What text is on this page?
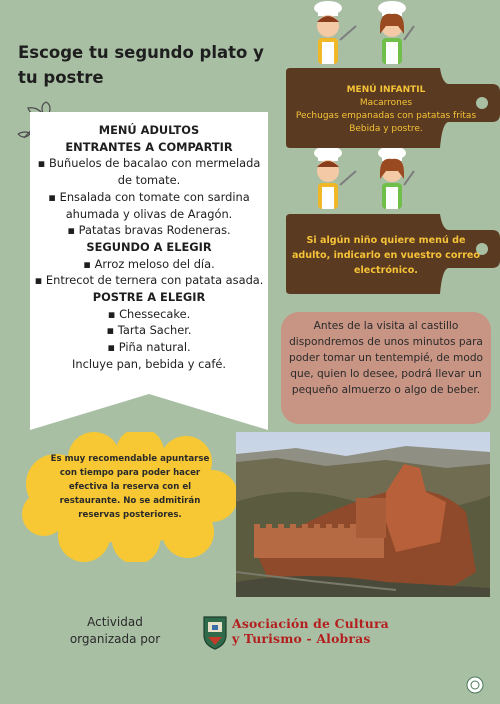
Escoge tu segundo plato y tu postre
MENÚ ADULTOS
ENTRANTES A COMPARTIR
▪ Buñuelos de bacalao con mermelada de tomate.
▪ Ensalada con tomate con sardina ahumada y olivas de Aragón.
▪ Patatas bravas Rodeneras.
SEGUNDO A ELEGIR
▪ Arroz meloso del día.
▪ Entrecot de ternera con patata asada.
POSTRE A ELEGIR
▪ Chessecake.
▪ Tarta Sacher.
▪ Piña natural.
Incluye pan, bebida y café.
MENÚ INFANTIL
Macarrones
Pechugas empanadas con patatas fritas
Bebida y postre.
Si algún niño quiere menú de adulto, indicarlo en vuestro correo electrónico.
Antes de la visita al castillo dispondremos de unos minutos para poder tomar un tentempié, de modo que, quien lo desee, podrá llevar un pequeño almuerzo o algo de beber.
Es muy recomendable apuntarse con tiempo para poder hacer efectiva la reserva con el restaurante. No se admitirán reservas posteriores.
Actividad
organizada por
Asociación de Cultura
y Turismo - Alobras
